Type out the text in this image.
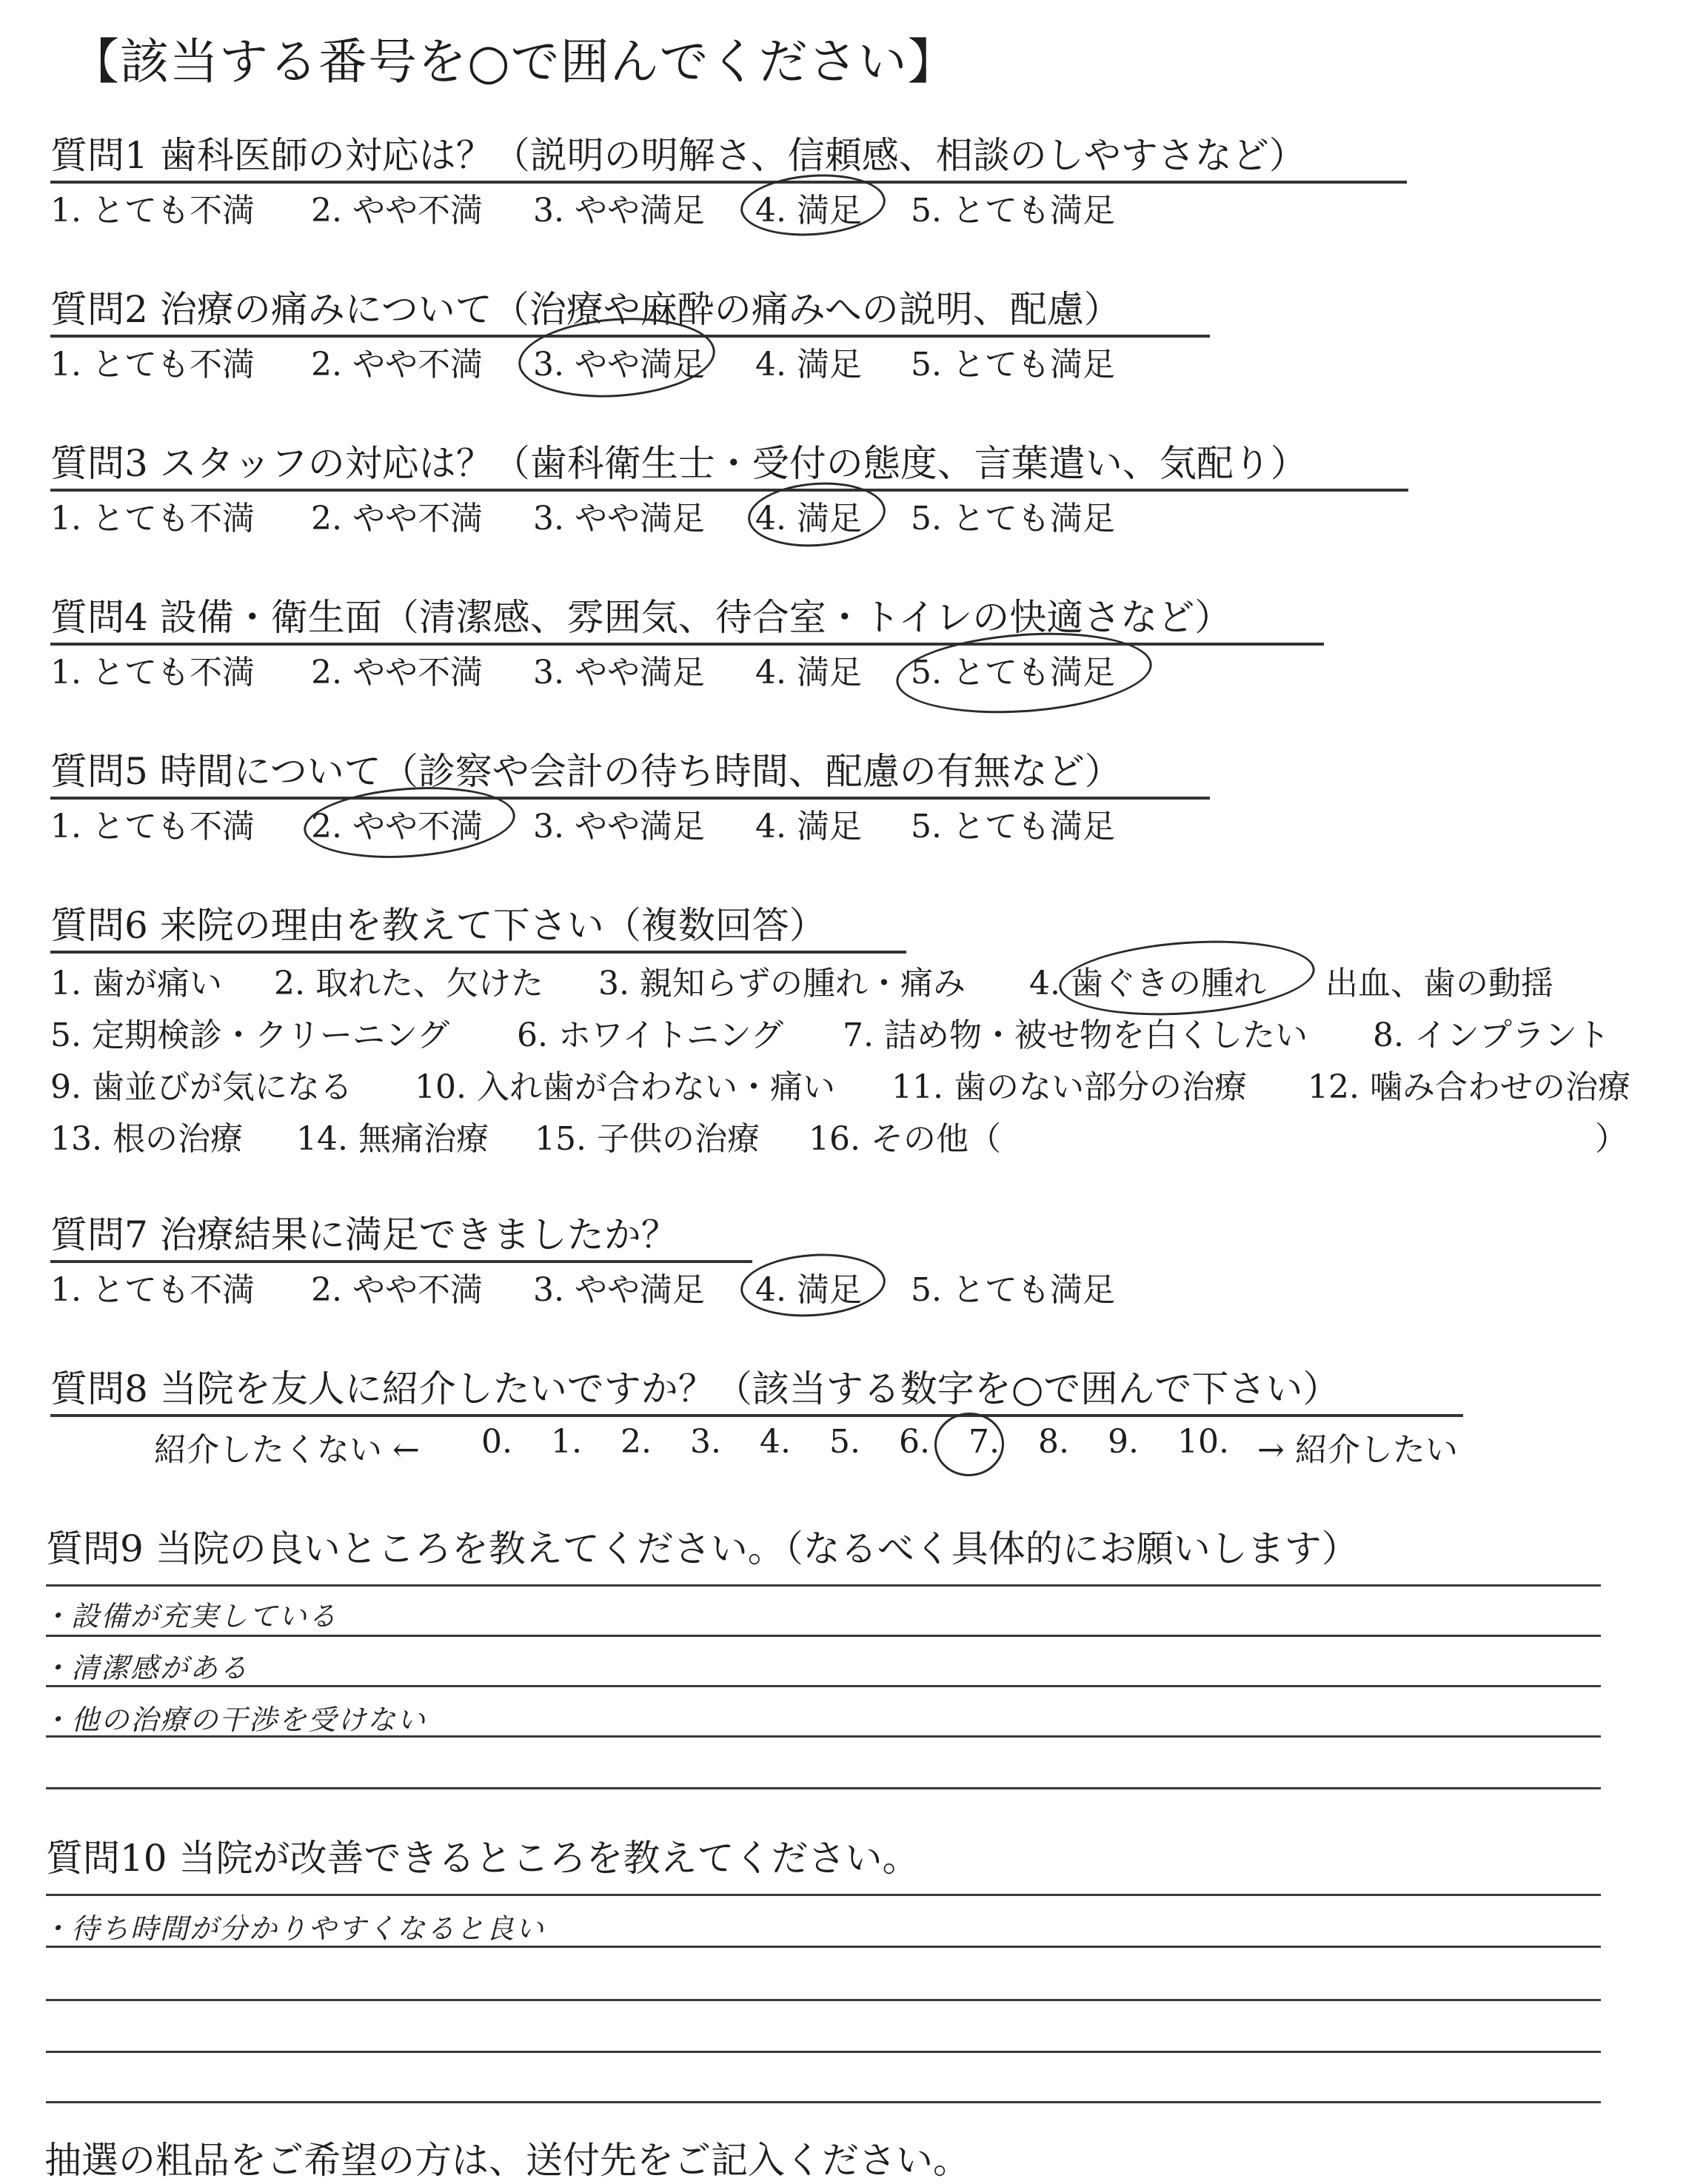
【該当する番号を○で囲んでください】
質問1 歯科医師の対応は？（説明の明解さ、信頼感、相談のしやすさなど）
1. とても不満 2. やや不満 3. やや満足 4. 満足 5. とても満足
質問2 治療の痛みについて（治療や麻酔の痛みへの説明、配慮）
1. とても不満 2. やや不満 3. やや満足 4. 満足 5. とても満足
質問3 スタッフの対応は？（歯科衛生士・受付の態度、言葉遣い、気配り）
1. とても不満 2. やや不満 3. やや満足 4. 満足 5. とても満足
質問4 設備・衛生面（清潔感、雰囲気、待合室・トイレの快適さなど）
1. とても不満 2. やや不満 3. やや満足 4. 満足 5. とても満足
質問5 時間について（診察や会計の待ち時間、配慮の有無など）
1. とても不満 2. やや不満 3. やや満足 4. 満足 5. とても満足
質問6 来院の理由を教えて下さい（複数回答）
1. 歯が痛い 2. 取れた、欠けた 3. 親知らずの腫れ・痛み 4. 歯ぐきの腫れ 出血、歯の動揺
5. 定期検診・クリーニング 6. ホワイトニング 7. 詰め物・被せ物を白くしたい 8. インプラント
9. 歯並びが気になる 10. 入れ歯が合わない・痛い 11. 歯のない部分の治療 12. 噛み合わせの治療
13. 根の治療 14. 無痛治療 15. 子供の治療 16. その他（	）
質問7 治療結果に満足できましたか？
1. とても不満 2. やや不満 3. やや満足 4. 満足 5. とても満足
質問8 当院を友人に紹介したいですか？（該当する数字を○で囲んで下さい）
紹介したくない ← 0. 1. 2. 3. 4. 5. 6. 7. 8. 9. 10. → 紹介したい
質問9 当院の良いところを教えてください。（なるべく具体的にお願いします）
・設備が充実している
・清潔感がある
・他の治療の干渉を受けない
質問10 当院が改善できるところを教えてください。
・待ち時間が分かりやすくなると良い
抽選の粗品をご希望の方は、送付先をご記入ください。
